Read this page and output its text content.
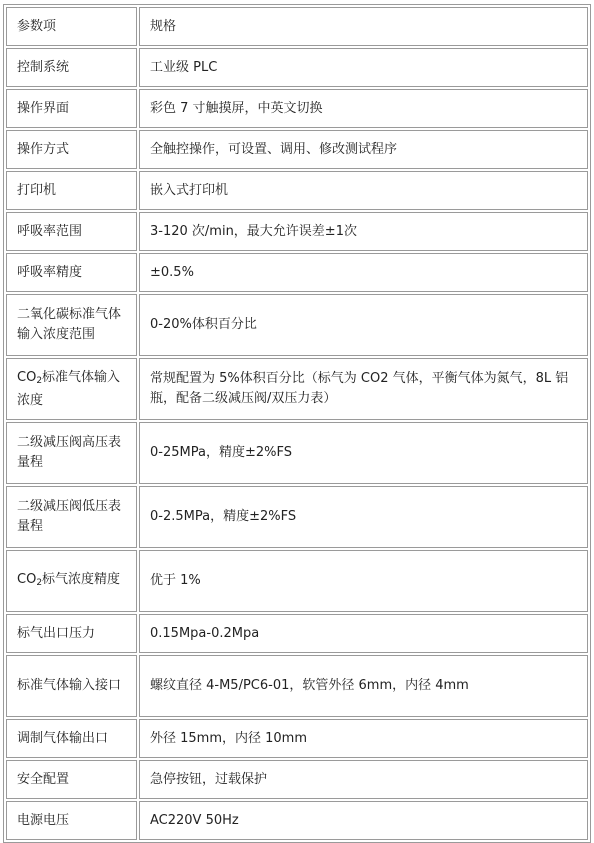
参数项	规格
控制系统	工业级 PLC
操作界面	彩色 7 寸触摸屏，中英文切换
操作方式	全触控操作，可设置、调用、修改测试程序
打印机	嵌入式打印机
呼吸率范围	3-120 次/min，最大允许误差±1次
呼吸率精度	±0.5%
二氧化碳标准气体输入浓度范围	0-20%体积百分比
$CO_2$标准气体输入浓度	常规配置为 5%体积百分比（标气为 CO2 气体，平衡气体为氮气，8L 铝瓶，配备二级减压阀/双压力表）
二级减压阀高压表量程	0-25MPa，精度±2%FS
二级减压阀低压表量程	0-2.5MPa，精度±2%FS
$CO_2$标气浓度精度	优于 1%
标气出口压力	0.15Mpa-0.2Mpa
标准气体输入接口	螺纹直径 4-M5/PC6-01，软管外径 6mm，内径 4mm
调制气体输出口	外径 15mm，内径 10mm
安全配置	急停按钮，过载保护
电源电压	AC220V 50Hz
